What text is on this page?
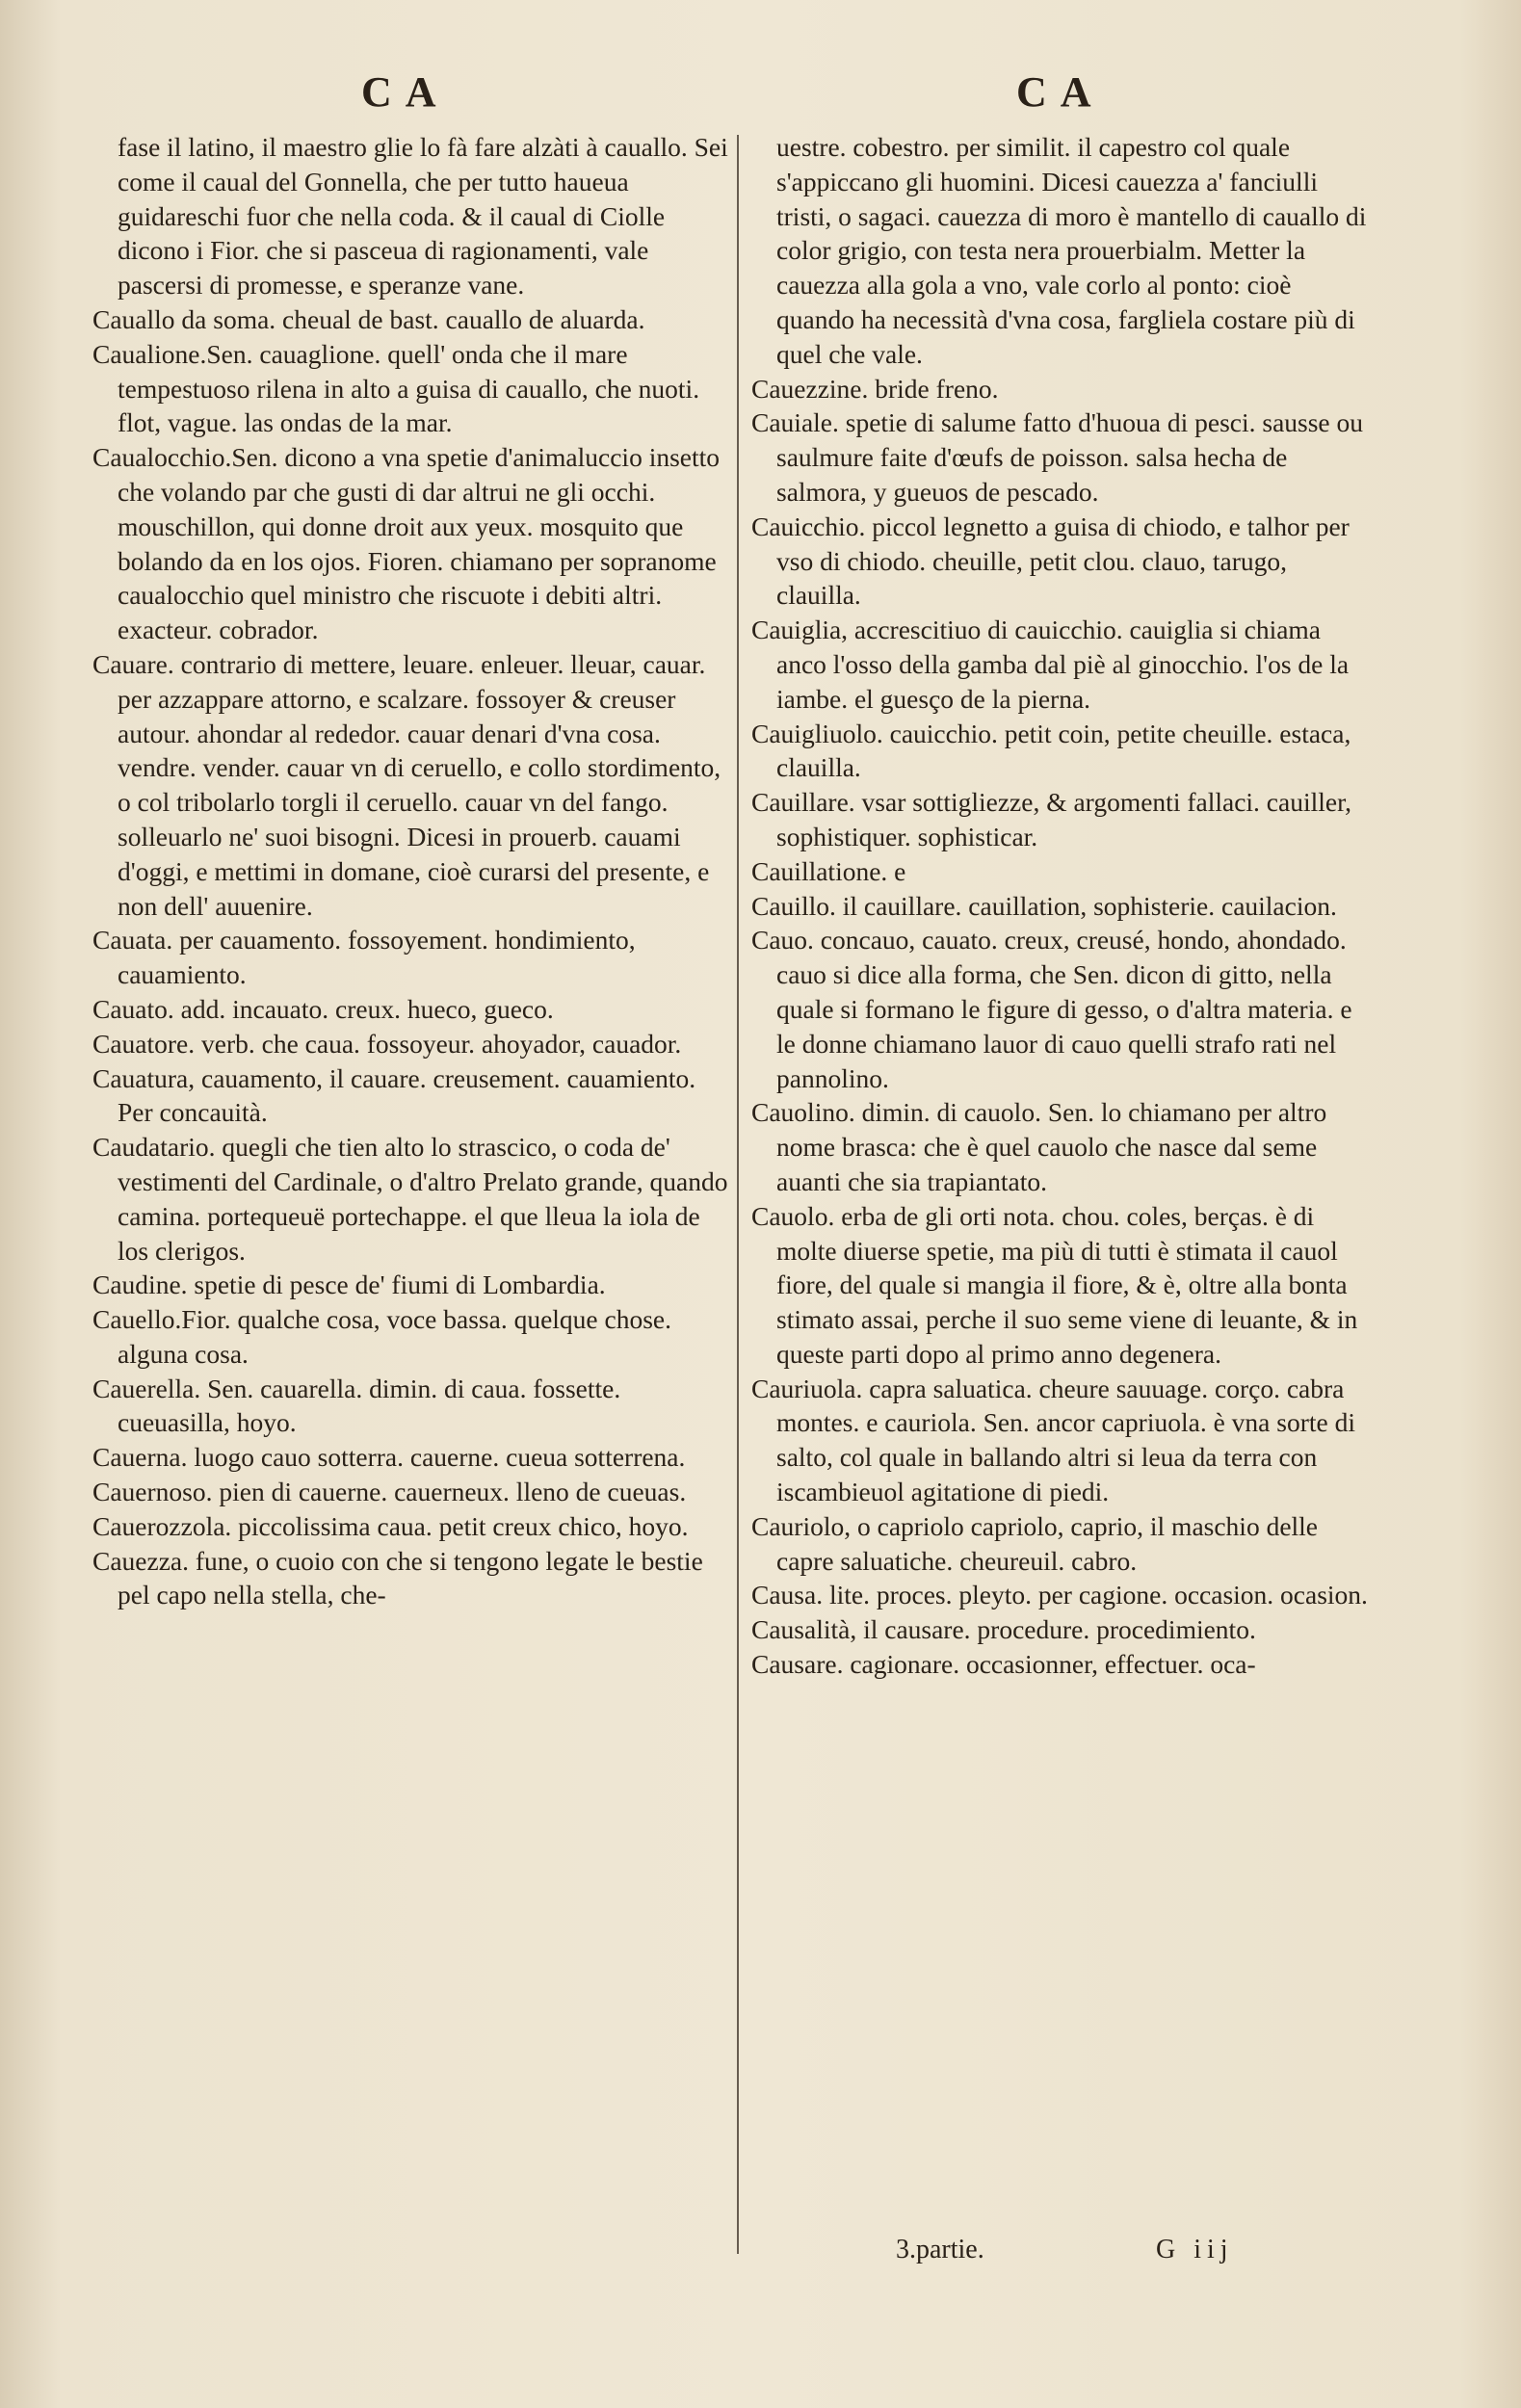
CA	CA

fase il latino, il maestro glie lo fà fare alzàti à cauallo. Sei come il caual del Gonnella, che per tutto haueua guidareschi fuor che nella coda. & il caual di Ciolle dicono i Fior. che si pasceua di ragionamenti, vale pascersi di promesse, e speranze vane.

Cauallo da soma. cheual de bast. cauallo de aluarda.

Caualione.Sen. cauaglione. quell' onda che il mare tempestuoso rilena in alto a guisa di cauallo, che nuoti. flot, vague. las ondas de la mar.

Caualocchio.Sen. dicono a vna spetie d'animaluccio insetto che volando par che gusti di dar altrui ne gli occhi. mouschillon, qui donne droit aux yeux. mosquito que bolando da en los ojos. Fioren. chiamano per sopranome caualocchio quel ministro che riscuote i debiti altri. exacteur. cobrador.

Cauare. contrario di mettere, leuare. enleuer. lleuar, cauar. per azzappare attorno, e scalzare. fossoyer & creuser autour. ahondar al rededor. cauar denari d'vna cosa. vendre. vender. cauar vn di ceruello, e collo stordimento, o col tribolarlo torgli il ceruello. cauar vn del fango. solleuarlo ne' suoi bisogni. Dicesi in prouerb. cauami d'oggi, e mettimi in domane, cioè curarsi del presente, e non dell' auuenire.

Cauata. per cauamento. fossoyement. hondimiento, cauamiento.

Cauato. add. incauato. creux. hueco, gueco.

Cauatore. verb. che caua. fossoyeur. ahoyador, cauador.

Cauatura, cauamento, il cauare. creusement. cauamiento. Per concauità.

Caudatario. quegli che tien alto lo strascico, o coda de' vestimenti del Cardinale, o d'altro Prelato grande, quando camina. portequeuë portechappe. el que lleua la iola de los clerigos.

Caudine. spetie di pesce de' fiumi di Lombardia.

Cauello.Fior. qualche cosa, voce bassa. quelque chose. alguna cosa.

Cauerella. Sen. cauarella. dimin. di caua. fossette. cueuasilla, hoyo.

Cauerna. luogo cauo sotterra. cauerne. cueua sotterrena.

Cauernoso. pien di cauerne. cauerneux. lleno de cueuas.

Cauerozzola. piccolissima caua. petit creux chico, hoyo.

Cauezza. fune, o cuoio con che si tengono legate le bestie pel capo nella stella, che-

uestre. cobestro. per similit. il capestro col quale s'appiccano gli huomini. Dicesi cauezza a' fanciulli tristi, o sagaci. cauezza di moro è mantello di cauallo di color grigio, con testa nera prouerbialm. Metter la cauezza alla gola a vno, vale corlo al ponto: cioè quando ha necessità d'vna cosa, fargliela costare più di quel che vale.

Cauezzine. bride freno.

Cauiale. spetie di salume fatto d'huoua di pesci. sausse ou saulmure faite d'œufs de poisson. salsa hecha de salmora, y gueuos de pescado.

Cauicchio. piccol legnetto a guisa di chiodo, e talhor per vso di chiodo. cheuille, petit clou. clauo, tarugo, clauilla.

Cauiglia, accrescitiuo di cauicchio. cauiglia si chiama anco l'osso della gamba dal piè al ginocchio. l'os de la iambe. el guesço de la pierna.

Cauigliuolo. cauicchio. petit coin, petite cheuille. estaca, clauilla.

Cauillare. vsar sottigliezze, & argomenti fallaci. cauiller, sophistiquer. sophisticar.

Cauillatione. e

Cauillo. il cauillare. cauillation, sophisterie. cauilacion.

Cauo. concauo, cauato. creux, creusé, hondo, ahondado. cauo si dice alla forma, che Sen. dicon di gitto, nella quale si formano le figure di gesso, o d'altra materia. e le donne chiamano lauor di cauo quelli strafo rati nel pannolino.

Cauolino. dimin. di cauolo. Sen. lo chiamano per altro nome brasca: che è quel cauolo che nasce dal seme auanti che sia trapiantato.

Cauolo. erba de gli orti nota. chou. coles, berças. è di molte diuerse spetie, ma più di tutti è stimata il cauol fiore, del quale si mangia il fiore, & è, oltre alla bonta stimato assai, perche il suo seme viene di leuante, & in queste parti dopo al primo anno degenera.

Cauriuola. capra saluatica. cheure sauuage. corço. cabra montes. e cauriola. Sen. ancor capriuola. è vna sorte di salto, col quale in ballando altri si leua da terra con iscambieuol agitatione di piedi.

Cauriolo, o capriolo capriolo, caprio, il maschio delle capre saluatiche. cheureuil. cabro.

Causa. lite. proces. pleyto. per cagione. occasion. ocasion.

Causalità, il causare. procedure. procedimiento.

Causare. cagionare. occasionner, effectuer. oca-

3.partie.	G iij
